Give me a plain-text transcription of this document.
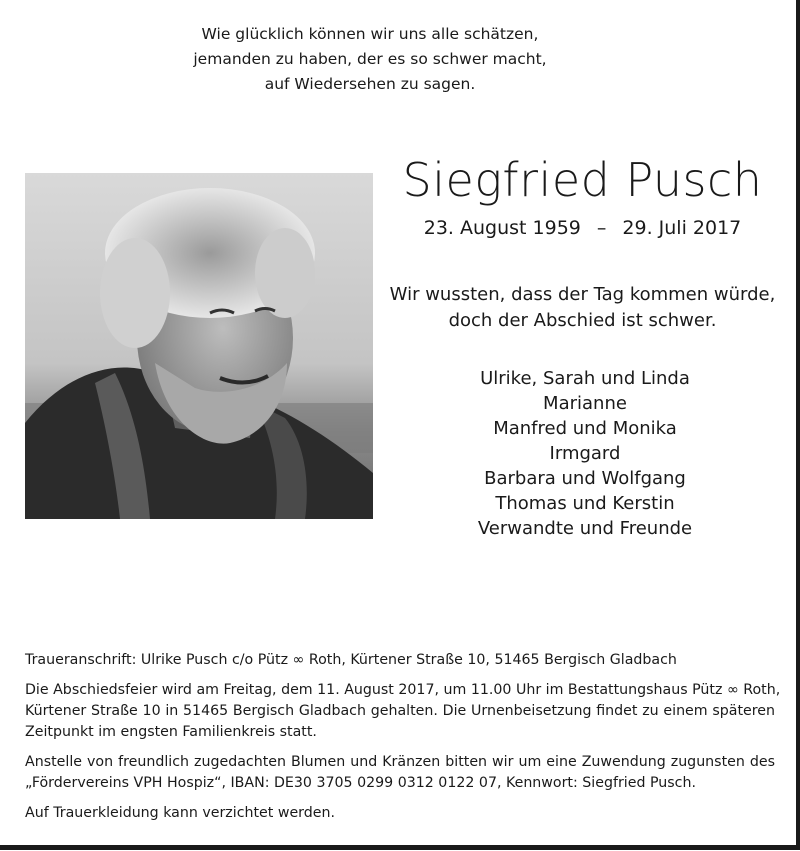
Wie glücklich können wir uns alle schätzen,
jemanden zu haben, der es so schwer macht,
auf Wiedersehen zu sagen.
Siegfried Pusch
23. August 1959 – 29. Juli 2017
Wir wussten, dass der Tag kommen würde,
doch der Abschied ist schwer.
Ulrike, Sarah und Linda
Marianne
Manfred und Monika
Irmgard
Barbara und Wolfgang
Thomas und Kerstin
Verwandte und Freunde

Traueranschrift: Ulrike Pusch c/o Pütz ∞ Roth, Kürtener Straße 10, 51465 Bergisch Gladbach

Die Abschiedsfeier wird am Freitag, dem 11. August 2017, um 11.00 Uhr im Bestattungshaus Pütz ∞ Roth,
Kürtener Straße 10 in 51465 Bergisch Gladbach gehalten. Die Urnenbeisetzung findet zu einem späteren
Zeitpunkt im engsten Familienkreis statt.

Anstelle von freundlich zugedachten Blumen und Kränzen bitten wir um eine Zuwendung zugunsten des
„Fördervereins VPH Hospiz“, IBAN: DE30 3705 0299 0312 0122 07, Kennwort: Siegfried Pusch.

Auf Trauerkleidung kann verzichtet werden.
